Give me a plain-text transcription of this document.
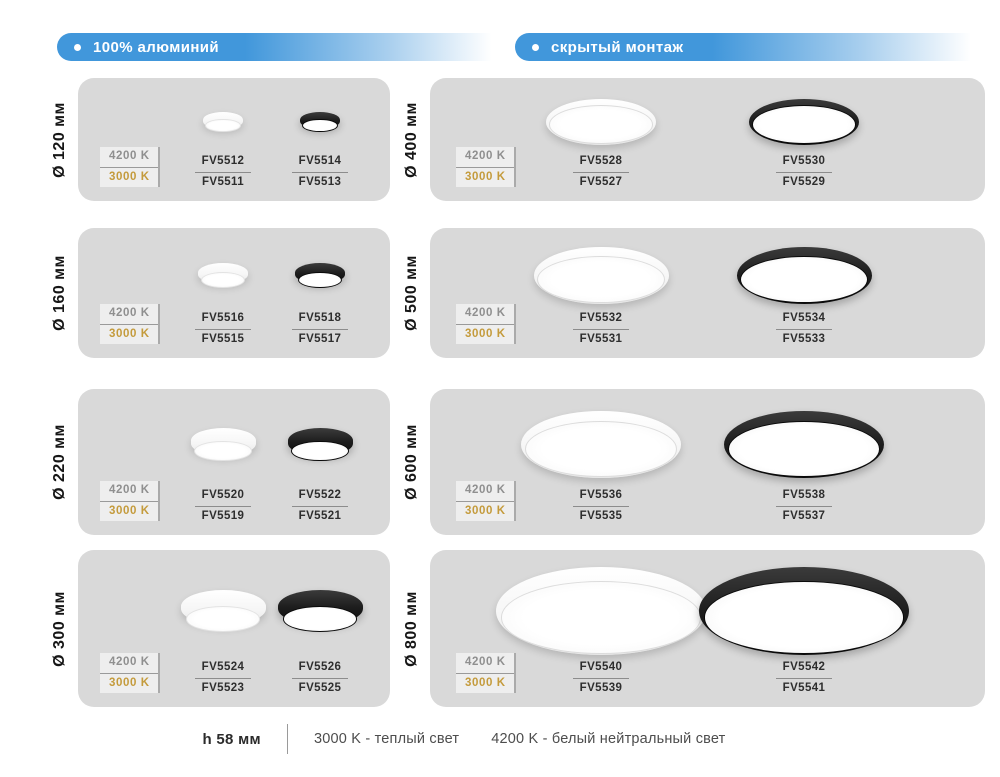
100% алюминий	скрытый монтаж
4200 K
3000 K
FV5512
FV5511
FV5514
FV5513
4200 K
3000 K
FV5516
FV5515
FV5518
FV5517
4200 K
3000 K
FV5520
FV5519
FV5522
FV5521
4200 K
3000 K
FV5524
FV5523
FV5526
FV5525
4200 K
3000 K
FV5528
FV5527
FV5530
FV5529
4200 K
3000 K
FV5532
FV5531
FV5534
FV5533
4200 K
3000 K
FV5536
FV5535
FV5538
FV5537
4200 K
3000 K
FV5540
FV5539
FV5542
FV5541
h 58 мм	3000 K - теплый свет 4200 K - белый нейтральный свет
Ø 120 мм
Ø 160 мм
Ø 220 мм
Ø 300 мм
Ø 400 мм
Ø 500 мм
Ø 600 мм
Ø 800 мм
